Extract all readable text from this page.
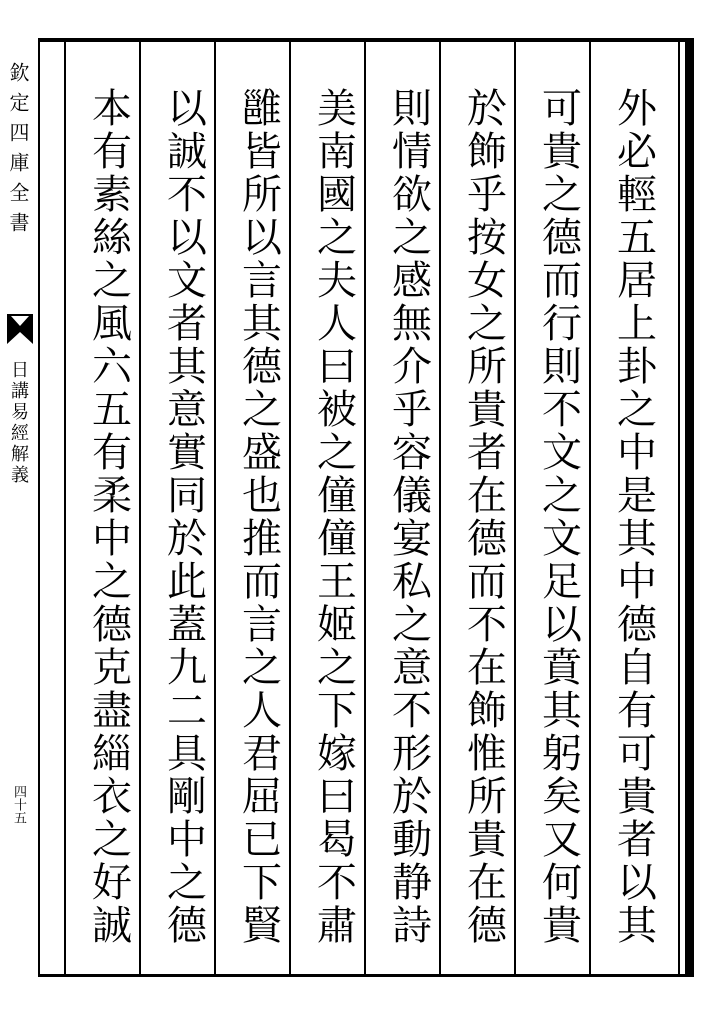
欽定四庫全書
日講易經解義
四十五
外
必
輕
五
居
上
卦
之
中
是
其
中
德
自
有
可
貴
者
以
其
可
貴
之
德
而
行
則
不
文
之
文
足
以
賁
其
躬
矣
又
何
貴
於
飾
乎
按
女
之
所
貴
者
在
德
而
不
在
飾
惟
所
貴
在
德
則
情
欲
之
感
無
介
乎
容
儀
宴
私
之
意
不
形
於
動
静
詩
美
南
國
之
夫
人
曰
被
之
僮
僮
王
姬
之
下
嫁
曰
曷
不
肅
雝
皆
所
以
言
其
德
之
盛
也
推
而
言
之
人
君
屈
已
下
賢
以
誠
不
以
文
者
其
意
實
同
於
此
蓋
九
二
具
剛
中
之
德
本
有
素
絲
之
風
六
五
有
柔
中
之
德
克
盡
緇
衣
之
好
誠
